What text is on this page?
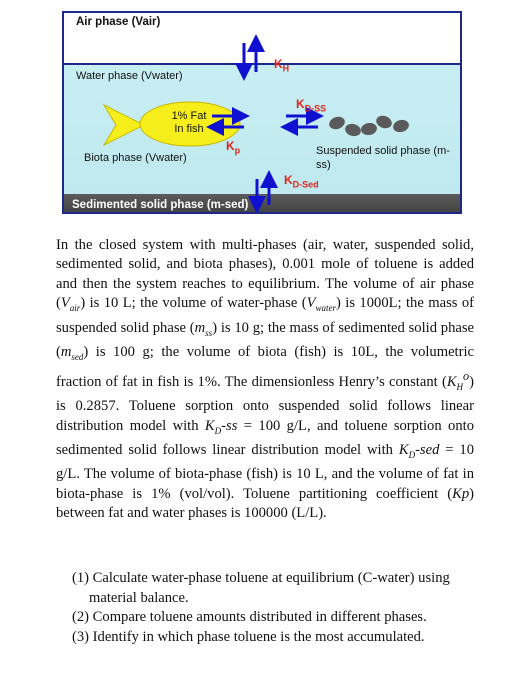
Air phase (Vair)
Water phase (Vwater)
Biota phase (Vwater)
1% Fat
In fish
Suspended solid phase (m-ss)
Sedimented solid phase (m-sed)
$K_H$
$K_{D-SS}$
$K_p$
$K_{D-Sed}$
In the closed system with multi-phases (air, water, suspended solid, sedimented solid, and biota phases), 0.001 mole of toluene is added and then the system reaches to equilibrium. The volume of air phase $(V_{air})$ is 10 L; the volume of water-phase $(V_{water})$ is 1000L; the mass of suspended solid phase $(m_{ss})$ is 10 g; the mass of sedimented solid phase $(m_{sed})$ is 100 g; the volume of biota (fish) is 10L, the volumetric fraction of fat in fish is 1%. The dimensionless Henry’s constant $(K_H^o)$ is 0.2857. Toluene sorption onto suspended solid follows linear distribution model with $K_D-ss = 100$ g/L, and toluene sorption onto sedimented solid follows linear distribution model with $K_D$-sed = 10 g/L. The volume of biota-phase (fish) is 10 L, and the volume of fat in biota-phase is 1% (vol/vol). Toluene partitioning coefficient (Kp) between fat and water phases is 100000 (L/L).
(1) Calculate water-phase toluene at equilibrium (C-water) using material balance.
(2) Compare toluene amounts distributed in different phases.
(3) Identify in which phase toluene is the most accumulated.
